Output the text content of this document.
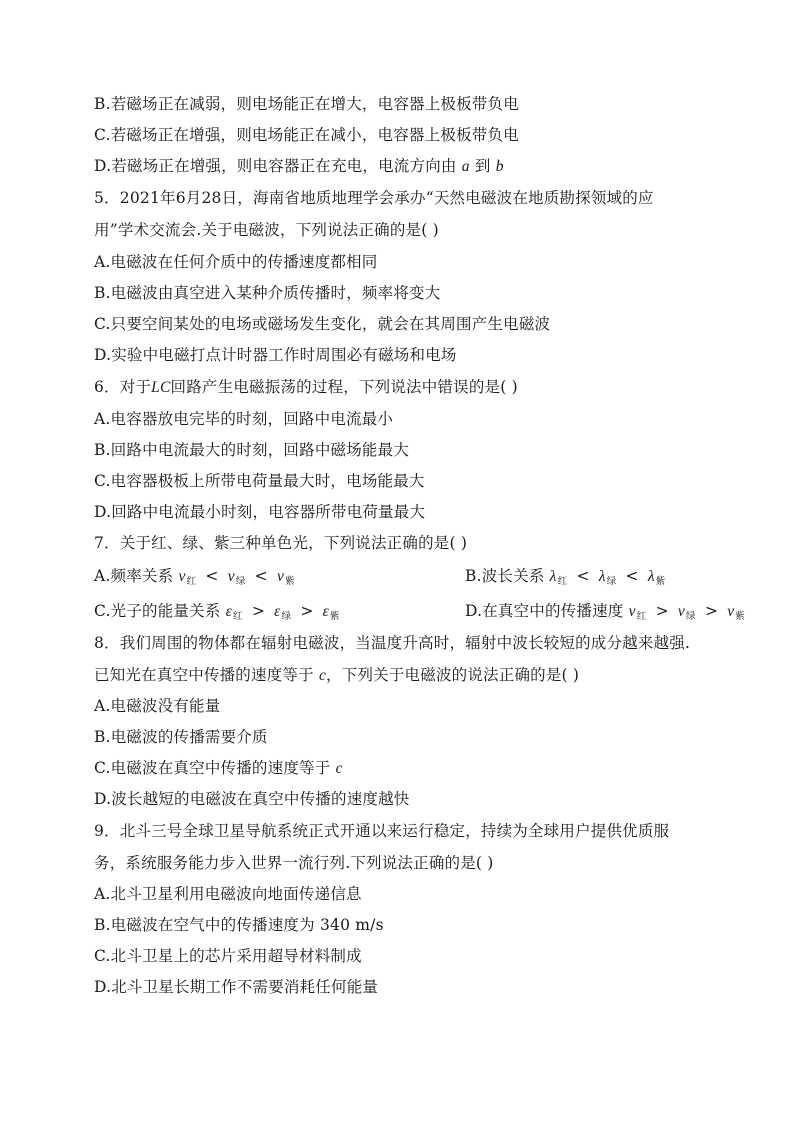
B.若磁场正在减弱，则电场能正在增大，电容器上极板带负电
C.若磁场正在增强，则电场能正在减小，电容器上极板带负电
D.若磁场正在增强，则电容器正在充电，电流方向由 a 到 b
5．2021年6月28日，海南省地质地理学会承办“天然电磁波在地质勘探领域的应
用”学术交流会.关于电磁波，下列说法正确的是( )
A.电磁波在任何介质中的传播速度都相同
B.电磁波由真空进入某种介质传播时，频率将变大
C.只要空间某处的电场或磁场发生变化，就会在其周围产生电磁波
D.实验中电磁打点计时器工作时周围必有磁场和电场
6．对于LC回路产生电磁振荡的过程，下列说法中错误的是( )
A.电容器放电完毕的时刻，回路中电流最小
B.回路中电流最大的时刻，回路中磁场能最大
C.电容器极板上所带电荷量最大时，电场能最大
D.回路中电流最小时刻，电容器所带电荷量最大
7．关于红、绿、紫三种单色光，下列说法正确的是( )
A.频率关系 $\nu_红 < \nu_绿 < \nu_紫$	B.波长关系 $\lambda_红 < \lambda_绿 < \lambda_紫$
C.光子的能量关系 $\varepsilon_红 > \varepsilon_绿 > \varepsilon_紫$	D.在真空中的传播速度 $v_红 > v_绿 > v_紫$
8．我们周围的物体都在辐射电磁波，当温度升高时，辐射中波长较短的成分越来越强.
已知光在真空中传播的速度等于 c，下列关于电磁波的说法正确的是( )
A.电磁波没有能量
B.电磁波的传播需要介质
C.电磁波在真空中传播的速度等于 c
D.波长越短的电磁波在真空中传播的速度越快
9．北斗三号全球卫星导航系统正式开通以来运行稳定，持续为全球用户提供优质服
务，系统服务能力步入世界一流行列.下列说法正确的是( )
A.北斗卫星利用电磁波向地面传递信息
B.电磁波在空气中的传播速度为 340 m/s
C.北斗卫星上的芯片采用超导材料制成
D.北斗卫星长期工作不需要消耗任何能量
